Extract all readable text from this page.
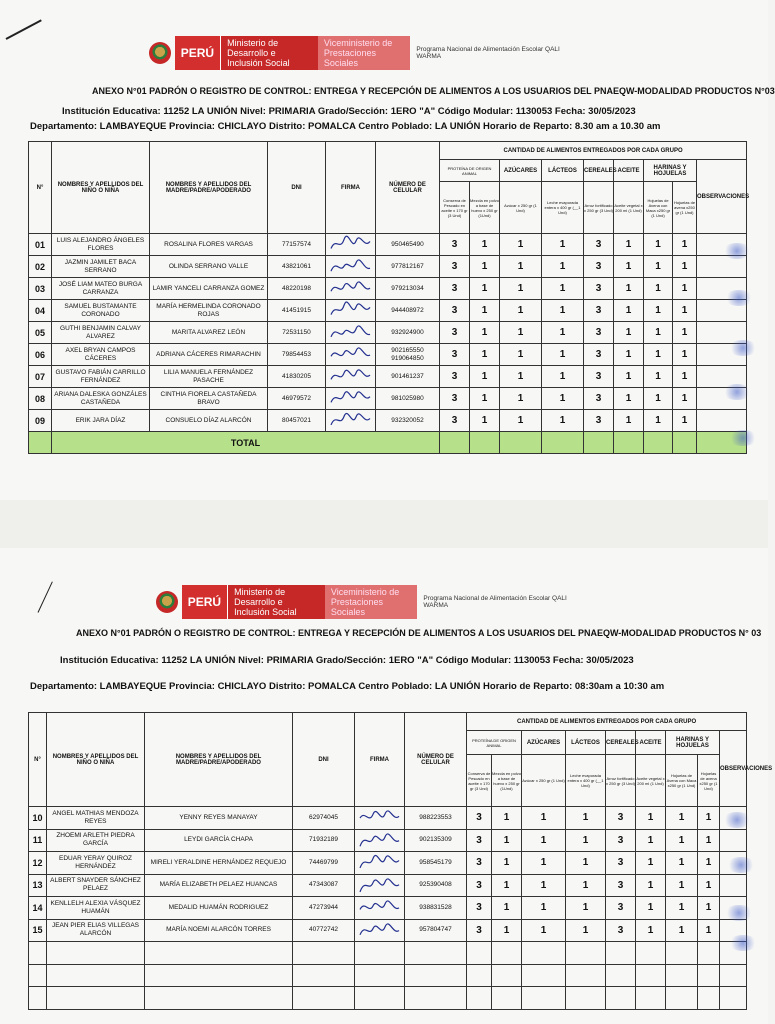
PERÚ
Ministerio de Desarrollo e Inclusión Social
Viceministerio de Prestaciones Sociales
Programa Nacional de Alimentación Escolar QALI WARMA
ANEXO N°01 PADRÓN O REGISTRO DE CONTROL: ENTREGA Y RECEPCIÓN DE ALIMENTOS A LOS USUARIOS DEL PNAEQW-MODALIDAD PRODUCTOS N°03
Institución Educativa: 11252 LA UNIÓN Nivel: PRIMARIA Grado/Sección: 1ERO "A" Código Modular: 1130053 Fecha: 30/05/2023
Departamento: LAMBAYEQUE Provincia: CHICLAYO Distrito: POMALCA Centro Poblado: LA UNIÓN Horario de Reparto: 8.30 am a 10.30 am
N°	NOMBRES Y APELLIDOS DEL NIÑO O NIÑA	NOMBRES Y APELLIDOS DEL MADRE/PADRE/APODERADO	DNI	FIRMA	NÚMERO DE CELULAR	CANTIDAD DE ALIMENTOS ENTREGADOS POR CADA GRUPO								
						PROTEÍNA DE ORIGEN ANIMAL		AZÚCARES	LÁCTEOS	CEREALES	ACEITE	HARINAS Y HOJUELAS		OBSERVACIONES
						Conserva de Pescado en aceite x 170 gr (3 Und)	Mezcla en polvo a base de huevo x 250 gr (1Und)	Azúcar x 250 gr (1 Und)	Leche evaporada entera x 400 gr (__1 Und)	Arroz fortificado x 250 gr (3 Und)	Aceite vegetal x 200 ml (1 Und)	Hojuelas de Avena con Maca x250 gr (1 Und)	Hojuelas de avena x250 gr (1 Und)	
01	LUIS ALEJANDRO ÁNGELES FLORES	ROSALINA FLORES VARGAS	77157574		950465490	3	1	1	1	3	1	1	1	
02	JAZMIN JAMILET BACA SERRANO	OLINDA SERRANO VALLE	43821061		977812167	3	1	1	1	3	1	1	1	
03	JOSÉ LIAM MATEO BURGA CARRANZA	LAMIR YANCELI CARRANZA GOMEZ	48220198		979213034	3	1	1	1	3	1	1	1	
04	SAMUEL BUSTAMANTE CORONADO	MARÍA HERMELINDA CORONADO ROJAS	41451915		944408972	3	1	1	1	3	1	1	1	
05	GUTHI BENJAMIN CALVAY ALVAREZ	MARITA ALVAREZ LEÓN	72531150		932924900	3	1	1	1	3	1	1	1	
06	AXEL BRYAN CAMPOS CÁCERES	ADRIANA CÁCERES RIMARACHIN	79854453		902165550 919064850	3	1	1	1	3	1	1	1	
07	GUSTAVO FABIÁN CARRILLO FERNÁNDEZ	LILIA MANUELA FERNÁNDEZ PASACHE	41830205		901461237	3	1	1	1	3	1	1	1	
08	ARIANA DALESKA GONZÁLES CASTAÑEDA	CINTHIA FIORELA CASTAÑEDA BRAVO	46979572		981025980	3	1	1	1	3	1	1	1	
09	ERIK JARA DÍAZ	CONSUELO DÍAZ ALARCÓN	80457021		932320052	3	1	1	1	3	1	1	1	
	TOTAL													
PERÚ
Ministerio de Desarrollo e Inclusión Social
Viceministerio de Prestaciones Sociales
Programa Nacional de Alimentación Escolar QALI WARMA
ANEXO N°01 PADRÓN O REGISTRO DE CONTROL: ENTREGA Y RECEPCIÓN DE ALIMENTOS A LOS USUARIOS DEL PNAEQW-MODALIDAD PRODUCTOS N° 03
Institución Educativa: 11252 LA UNIÓN Nivel: PRIMARIA Grado/Sección: 1ERO "A" Código Modular: 1130053 Fecha: 30/05/2023
Departamento: LAMBAYEQUE Provincia: CHICLAYO Distrito: POMALCA Centro Poblado: LA UNIÓN Horario de Reparto: 08:30am a 10:30 am
N°	NOMBRES Y APELLIDOS DEL NIÑO O NIÑA	NOMBRES Y APELLIDOS DEL MADRE/PADRE/APODERADO	DNI	FIRMA	NÚMERO DE CELULAR	CANTIDAD DE ALIMENTOS ENTREGADOS POR CADA GRUPO								
						PROTEÍNA DE ORIGEN ANIMAL		AZÚCARES	LÁCTEOS	CEREALES	ACEITE	HARINAS Y HOJUELAS		OBSERVACIONES
						Conserva de Pescado en aceite x 170 gr (3 Und)	Mezcla en polvo a base de huevo x 250 gr (1Und)	Azúcar x 250 gr (1 Und)	Leche evaporada entera x 400 gr (__1 Und)	Arroz fortificado x 250 gr (3 Und)	Aceite vegetal x 200 ml (1 Und)	Hojuelas de Avena con Maca x250 gr (1 Und)	Hojuelas de avena x250 gr (1 Und)	
10	ANGEL MATHIAS MENDOZA REYES	YENNY REYES MANAYAY	62974045		988223553	3	1	1	1	3	1	1	1	
11	ZHOEMI ARLETH PIEDRA GARCÍA	LEYDI GARCÍA CHAPA	71932189		902135309	3	1	1	1	3	1	1	1	
12	EDUAR YERAY QUIROZ HERNÁNDEZ	MIRELI YERALDINE HERNÁNDEZ REQUEJO	74469799		958545179	3	1	1	1	3	1	1	1	
13	ALBERT SNAYDER SÁNCHEZ PELAEZ	MARÍA ELIZABETH PELAEZ HUANCAS	47343087		925390408	3	1	1	1	3	1	1	1	
14	KENLLELH ALEXIA VÁSQUEZ HUAMÁN	MEDALID HUAMÁN RODRIGUEZ	47273944		938831528	3	1	1	1	3	1	1	1	
15	JEAN PIER ELIAS VILLEGAS ALARCÓN	MARÍA NOEMI ALARCÓN TORRES	40772742		957804747	3	1	1	1	3	1	1	1	
